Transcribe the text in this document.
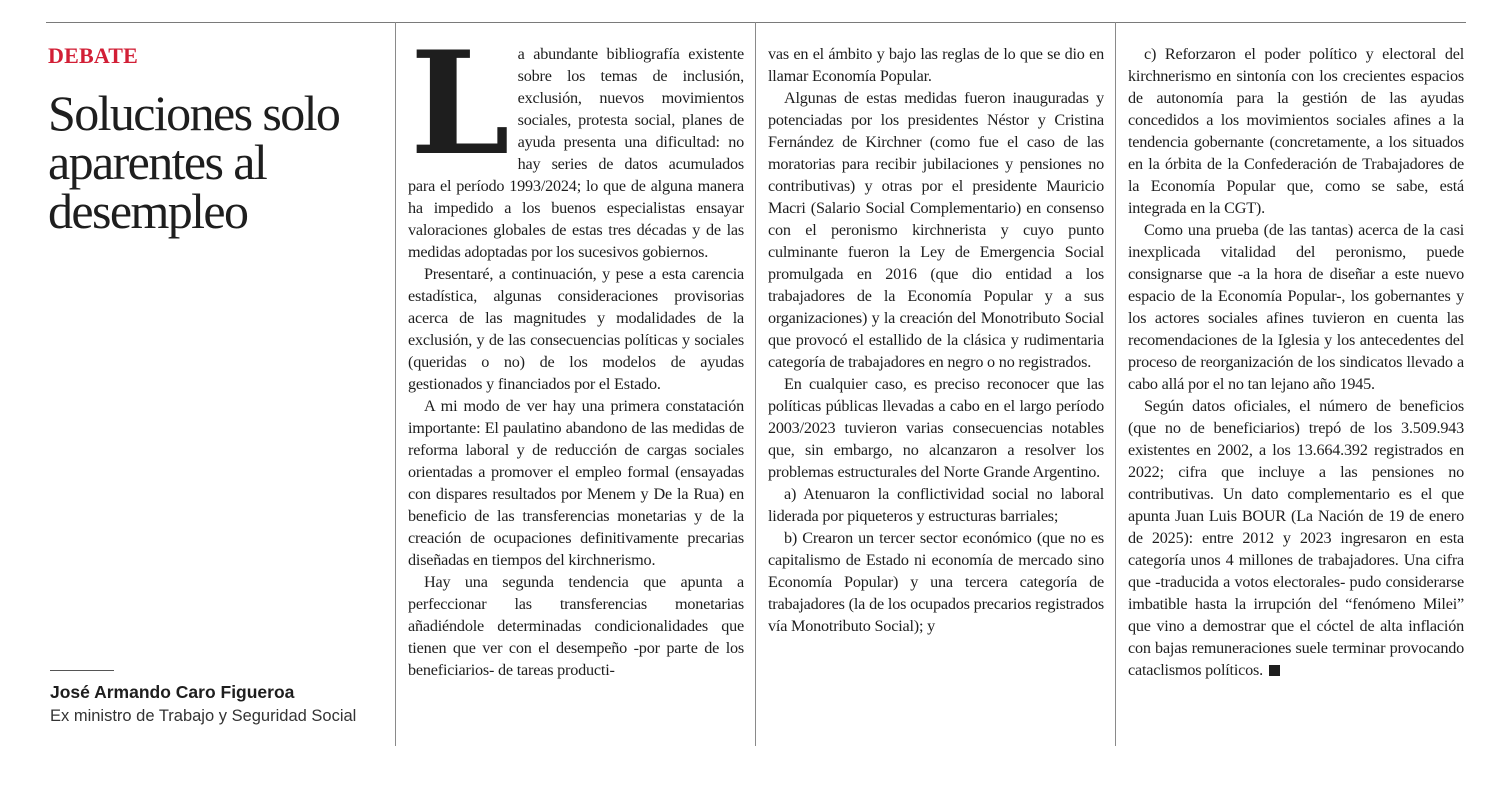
DEBATE
Soluciones solo aparentes al desempleo
José Armando Caro Figueroa
Ex ministro de Trabajo y Seguridad Social

La abundante bibliografía existente sobre los temas de inclusión, exclusión, nuevos movimientos sociales, protesta social, planes de ayuda presenta una dificultad: no hay series de datos acumulados para el período 1993/2024; lo que de alguna manera ha impedido a los buenos especialistas ensayar valoraciones globales de estas tres décadas y de las medidas adoptadas por los sucesivos gobiernos.

Presentaré, a continuación, y pese a esta carencia estadística, algunas consideraciones provisorias acerca de las magnitudes y modalidades de la exclusión, y de las consecuencias políticas y sociales (queridas o no) de los modelos de ayudas gestionados y financiados por el Estado.

A mi modo de ver hay una primera constatación importante: El paulatino abandono de las medidas de reforma laboral y de reducción de cargas sociales orientadas a promover el empleo formal (ensayadas con dispares resultados por Menem y De la Rua) en beneficio de las transferencias monetarias y de la creación de ocupaciones definitivamente precarias diseñadas en tiempos del kirchnerismo.

Hay una segunda tendencia que apunta a perfeccionar las transferencias monetarias añadiéndole determinadas condicionalidades que tienen que ver con el desempeño -por parte de los beneficiarios- de tareas producti-

vas en el ámbito y bajo las reglas de lo que se dio en llamar Economía Popular.

Algunas de estas medidas fueron inauguradas y potenciadas por los presidentes Néstor y Cristina Fernández de Kirchner (como fue el caso de las moratorias para recibir jubilaciones y pensiones no contributivas) y otras por el presidente Mauricio Macri (Salario Social Complementario) en consenso con el peronismo kirchnerista y cuyo punto culminante fueron la Ley de Emergencia Social promulgada en 2016 (que dio entidad a los trabajadores de la Economía Popular y a sus organizaciones) y la creación del Monotributo Social que provocó el estallido de la clásica y rudimentaria categoría de trabajadores en negro o no registrados.

En cualquier caso, es preciso reconocer que las políticas públicas llevadas a cabo en el largo período 2003/2023 tuvieron varias consecuencias notables que, sin embargo, no alcanzaron a resolver los problemas estructurales del Norte Grande Argentino.

a) Atenuaron la conflictividad social no laboral liderada por piqueteros y estructuras barriales;

b) Crearon un tercer sector económico (que no es capitalismo de Estado ni economía de mercado sino Economía Popular) y una tercera categoría de trabajadores (la de los ocupados precarios registrados vía Monotributo Social); y

c) Reforzaron el poder político y electoral del kirchnerismo en sintonía con los crecientes espacios de autonomía para la gestión de las ayudas concedidos a los movimientos sociales afines a la tendencia gobernante (concretamente, a los situados en la órbita de la Confederación de Trabajadores de la Economía Popular que, como se sabe, está integrada en la CGT).

Como una prueba (de las tantas) acerca de la casi inexplicada vitalidad del peronismo, puede consignarse que -a la hora de diseñar a este nuevo espacio de la Economía Popular-, los gobernantes y los actores sociales afines tuvieron en cuenta las recomendaciones de la Iglesia y los antecedentes del proceso de reorganización de los sindicatos llevado a cabo allá por el no tan lejano año 1945.

Según datos oficiales, el número de beneficios (que no de beneficiarios) trepó de los 3.509.943 existentes en 2002, a los 13.664.392 registrados en 2022; cifra que incluye a las pensiones no contributivas. Un dato complementario es el que apunta Juan Luis BOUR (La Nación de 19 de enero de 2025): entre 2012 y 2023 ingresaron en esta categoría unos 4 millones de trabajadores. Una cifra que -traducida a votos electorales- pudo considerarse imbatible hasta la irrupción del “fenómeno Milei” que vino a demostrar que el cóctel de alta inflación con bajas remuneraciones suele terminar provocando cataclismos políticos.
